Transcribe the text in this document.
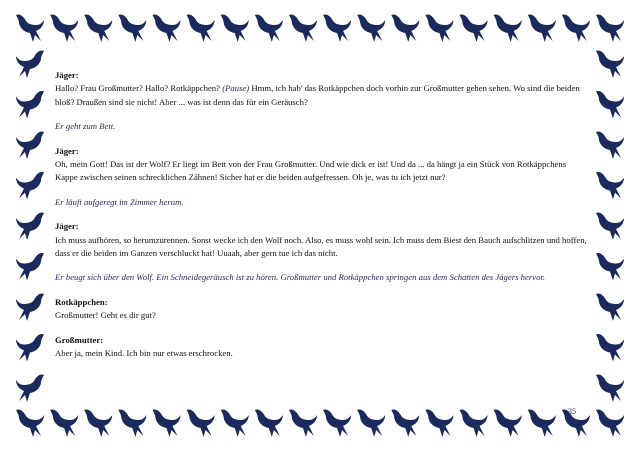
Jäger:
Hallo? Frau Großmutter? Hallo? Rotkäppchen? (Pause) Hmm, ich hab' das Rotkäppchen doch vorhin zur Großmutter gehen sehen. Wo sind die beiden bloß? Draußen sind sie nicht! Aber ... was ist denn das für ein Geräusch?
Er geht zum Bett.
Jäger:
Oh, mein Gott! Das ist der Wolf? Er liegt im Bett von der Frau Großmutter. Und wie dick er ist! Und da ... da hängt ja ein Stück von Rotkäppchens Kappe zwischen seinen schrecklichen Zähnen! Sicher hat er die beiden aufgefressen. Oh je, was tu ich jetzt nur?
Er läuft aufgeregt im Zimmer herum.
Jäger:
Ich muss aufhören, so herumzurennen. Sonst wecke ich den Wolf noch. Also, es muss wohl sein. Ich muss dem Biest den Bauch aufschlitzen und hoffen, dass er die beiden im Ganzen verschluckt hat! Uuaah, aber gern tue ich das nicht.
Er beugt sich über den Wolf. Ein Schneidegeräusch ist zu hören. Großmutter und Rotkäppchen springen aus dem Schatten des Jägers hervor.
Rotkäppchen:
Großmutter! Geht es dir gut?
Großmutter:
Aber ja, mein Kind. Ich bin nur etwas erschrocken.
35
